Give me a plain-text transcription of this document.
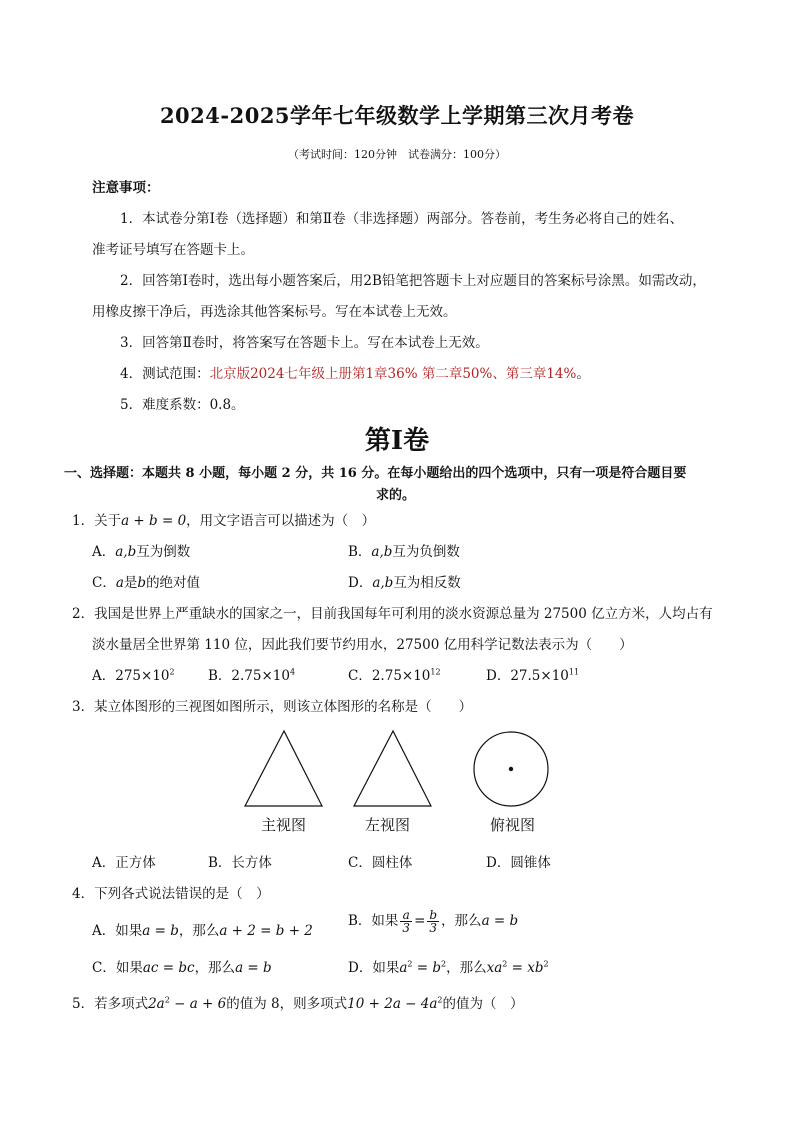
2024-2025学年七年级数学上学期第三次月考卷
（考试时间：120分钟　试卷满分：100分）
注意事项：
1．本试卷分第Ⅰ卷（选择题）和第Ⅱ卷（非选择题）两部分。答卷前，考生务必将自己的姓名、
准考证号填写在答题卡上。
2．回答第Ⅰ卷时，选出每小题答案后，用2B铅笔把答题卡上对应题目的答案标号涂黑。如需改动，
用橡皮擦干净后，再选涂其他答案标号。写在本试卷上无效。
3．回答第Ⅱ卷时，将答案写在答题卡上。写在本试卷上无效。
4．测试范围：北京版2024七年级上册第1章36% 第二章50%、第三章14%。
5．难度系数：0.8。
第Ⅰ卷
一、选择题：本题共 8 小题，每小题 2 分，共 16 分。在每小题给出的四个选项中，只有一项是符合题目要
求的。
1．关于a + b = 0，用文字语言可以描述为（　）
A．a,b互为倒数	B．a,b互为负倒数
C．a是b的绝对值	D．a,b互为相反数
2．我国是世界上严重缺水的国家之一，目前我国每年可利用的淡水资源总量为 27500 亿立方米，人均占有
淡水量居全世界第 110 位，因此我们要节约用水，27500 亿用科学记数法表示为（　　）
A．$275\times 10^2$ B．$2.75\times 10^4$	C．$2.75\times 10^{12}$	D．$27.5\times 10^{11}$
3．某立体图形的三视图如图所示，则该立体图形的名称是（　　）
主视图	左视图	俯视图
A．正方体	B．长方体	C．圆柱体	D．圆锥体
4．下列各式说法错误的是（　）
A．如果a = b，那么a + 2 = b + 2
B．如果 $\frac{a}{3} = \frac{b}{3}$ ，那么a = b
C．如果ac = bc，那么a = b	D．如果$a^2 = b^2$，那么$xa^2 = xb^2$
5．若多项式$2a^2 - a + 6$的值为 8，则多项式$10 + 2a - 4a^2$的值为（　）
